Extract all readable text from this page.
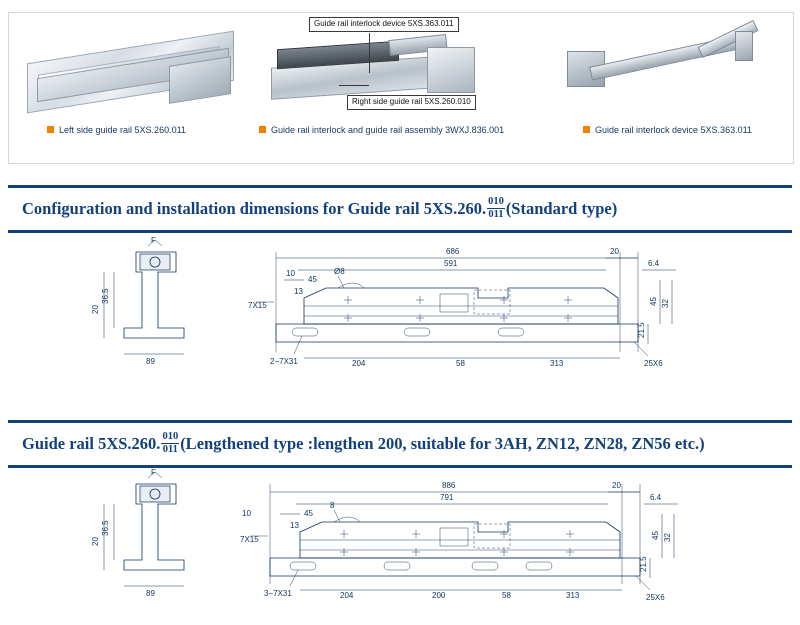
Guide rail interlock device 5XS.363.011
Right side guide rail 5XS.260.010
Left side guide rail 5XS.260.011	Guide rail interlock and guide rail assembly 3WXJ.836.001	Guide rail interlock device 5XS.363.011
Configuration and installation dimensions for Guide rail 5XS.260. $\frac{010}{011}$ (Standard type)
F
36.5
20
89
686
591
20
6.4
10	Ø8
45
13
7X15
2−7X31	204	58	313
45 32
21.5
25X6
Guide rail 5XS.260. $\frac{010}{011}$ (Lengthened type :lengthen 200, suitable for 3AH, ZN12, ZN28, ZN56 etc.)
F
36.5
20
89
886
791
20
6.4
10
8
45
13
7X15
3−7X31	204	200	58	313
45 32
21.5
25X6
